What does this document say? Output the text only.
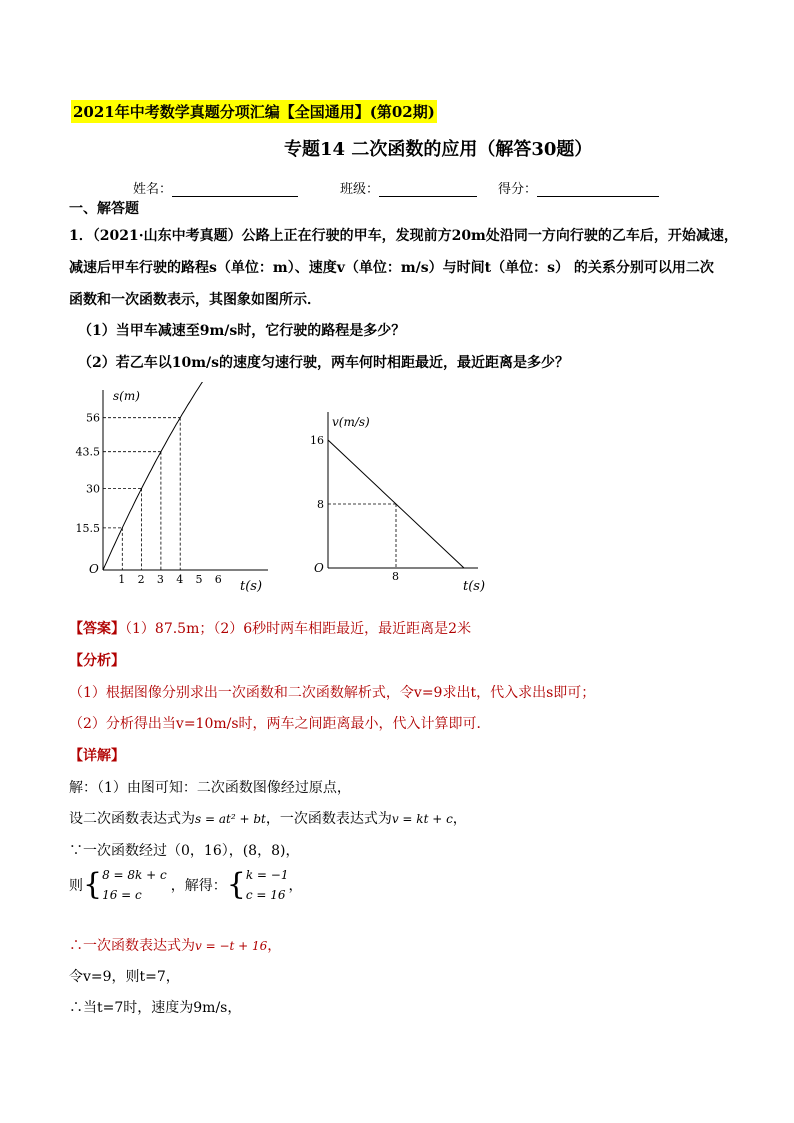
2021年中考数学真题分项汇编【全国通用】(第02期)
专题14 二次函数的应用（解答30题）
姓名：	班级：	得分：
一、解答题
1．（2021·山东中考真题）公路上正在行驶的甲车，发现前方20m处沿同一方向行驶的乙车后，开始减速，
减速后甲车行驶的路程s（单位：m）、速度v（单位：m/s）与时间t（单位：s） 的关系分别可以用二次
函数和一次函数表示，其图象如图所示．
（1）当甲车减速至9m/s时，它行驶的路程是多少？
（2）若乙车以10m/s的速度匀速行驶，两车何时相距最近，最近距离是多少？
s(m)
t(s)
O
1 2 3 4 5 6
15.5
30
43.5
56	v(m/s)
t(s)
O
8
16
8
【答案】（1）87.5m；（2）6秒时两车相距最近，最近距离是2米
【分析】
（1）根据图像分别求出一次函数和二次函数解析式，令v=9求出t，代入求出s即可；
（2）分析得出当v=10m/s时，两车之间距离最小，代入计算即可．
【详解】
解：（1）由图可知：二次函数图像经过原点，
设二次函数表达式为s = at² + bt，一次函数表达式为v = kt + c，
∵一次函数经过（0，16），(8，8)，
则	{	8 = 8k + c
16 = c
	，解得：	{	k = −1
c = 16
	，
∴一次函数表达式为v = −t + 16，
令v=9，则t=7，
∴当t=7时，速度为9m/s，
